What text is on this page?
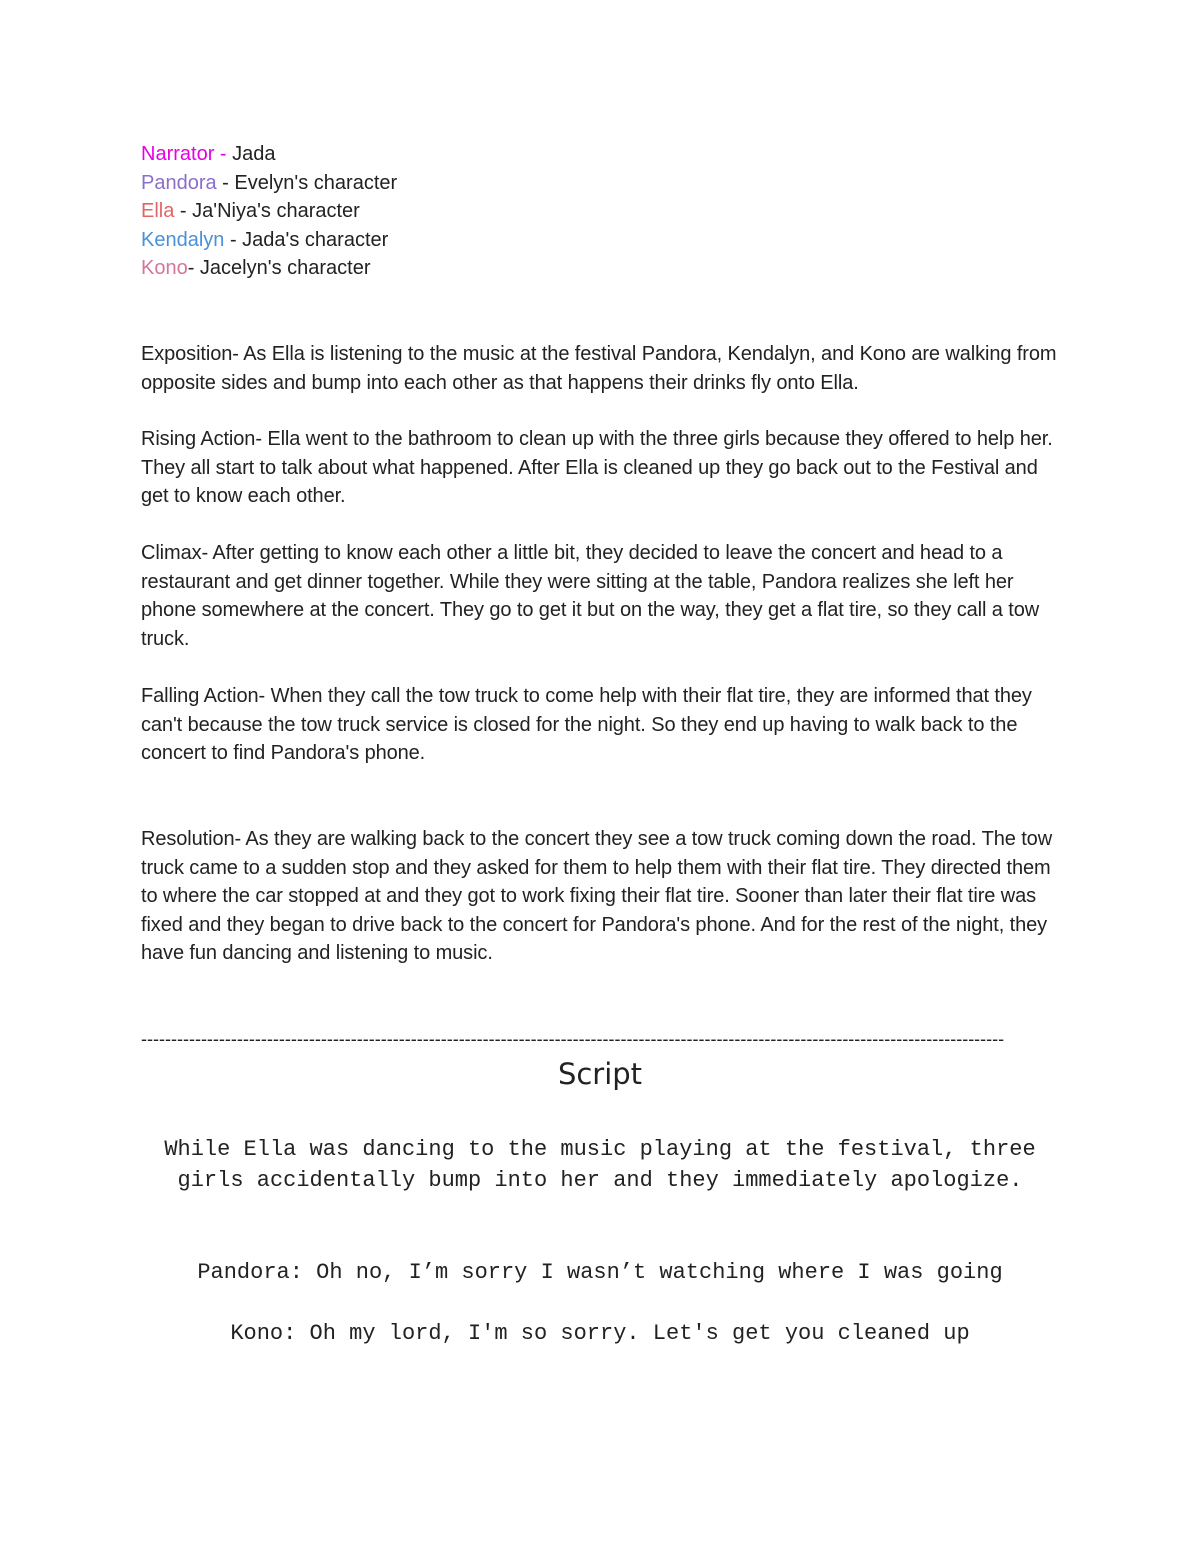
Narrator - Jada
Pandora - Evelyn's character
Ella - Ja'Niya's character
Kendalyn - Jada's character
Kono- Jacelyn's character

Exposition- As Ella is listening to the music at the festival Pandora, Kendalyn, and Kono are walking from opposite sides and bump into each other as that happens their drinks fly onto Ella.

Rising Action- Ella went to the bathroom to clean up with the three girls because they offered to help her. They all start to talk about what happened. After Ella is cleaned up they go back out to the Festival and get to know each other.

Climax- After getting to know each other a little bit, they decided to leave the concert and head to a restaurant and get dinner together. While they were sitting at the table, Pandora realizes she left her phone somewhere at the concert. They go to get it but on the way, they get a flat tire, so they call a tow truck.

Falling Action- When they call the tow truck to come help with their flat tire, they are informed that they can't because the tow truck service is closed for the night. So they end up having to walk back to the concert to find Pandora's phone.

Resolution- As they are walking back to the concert they see a tow truck coming down the road. The tow truck came to a sudden stop and they asked for them to help them with their flat tire. They directed them to where the car stopped at and they got to work fixing their flat tire. Sooner than later their flat tire was fixed and they began to drive back to the concert for Pandora's phone. And for the rest of the night, they have fun dancing and listening to music.

------------------------------------------------------------------------------------------------------------------------------------------------
Script

While Ella was dancing to the music playing at the festival, three girls accidentally bump into her and they immediately apologize.

Pandora: Oh no, I’m sorry I wasn’t watching where I was going

Kono: Oh my lord, I'm so sorry. Let's get you cleaned up
